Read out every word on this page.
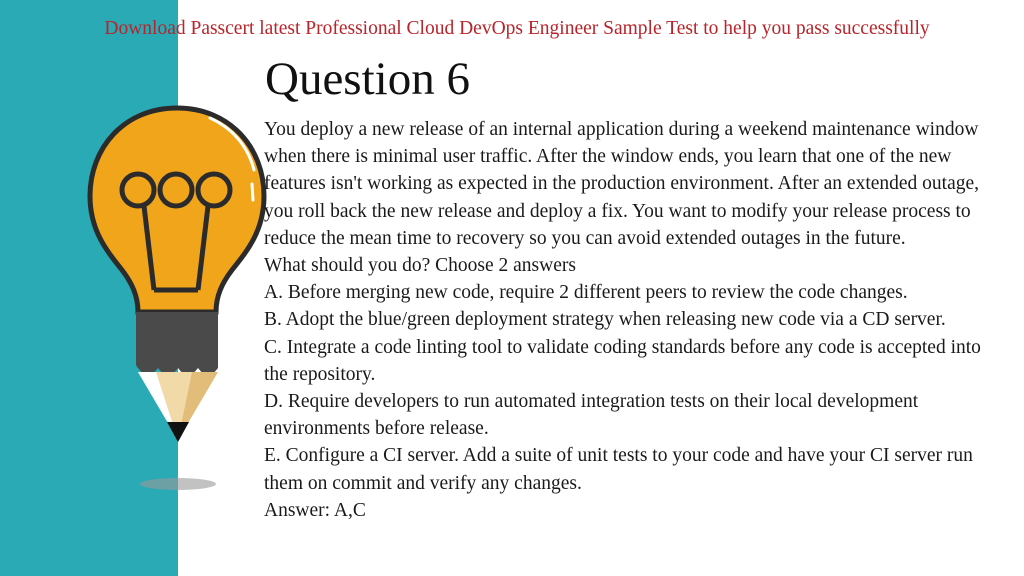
Download Passcert latest Professional Cloud DevOps Engineer Sample Test to help you pass successfully
Question 6

You deploy a new release of an internal application during a weekend maintenance window when there is minimal user traffic. After the window ends, you learn that one of the new features isn't working as expected in the production environment. After an extended outage, you roll back the new release and deploy a fix. You want to modify your release process to reduce the mean time to recovery so you can avoid extended outages in the future.

What should you do? Choose 2 answers

A. Before merging new code, require 2 different peers to review the code changes.

B. Adopt the blue/green deployment strategy when releasing new code via a CD server.

C. Integrate a code linting tool to validate coding standards before any code is accepted into the repository.

D. Require developers to run automated integration tests on their local development environments before release.

E. Configure a CI server. Add a suite of unit tests to your code and have your CI server run them on commit and verify any changes.

Answer: A,C
